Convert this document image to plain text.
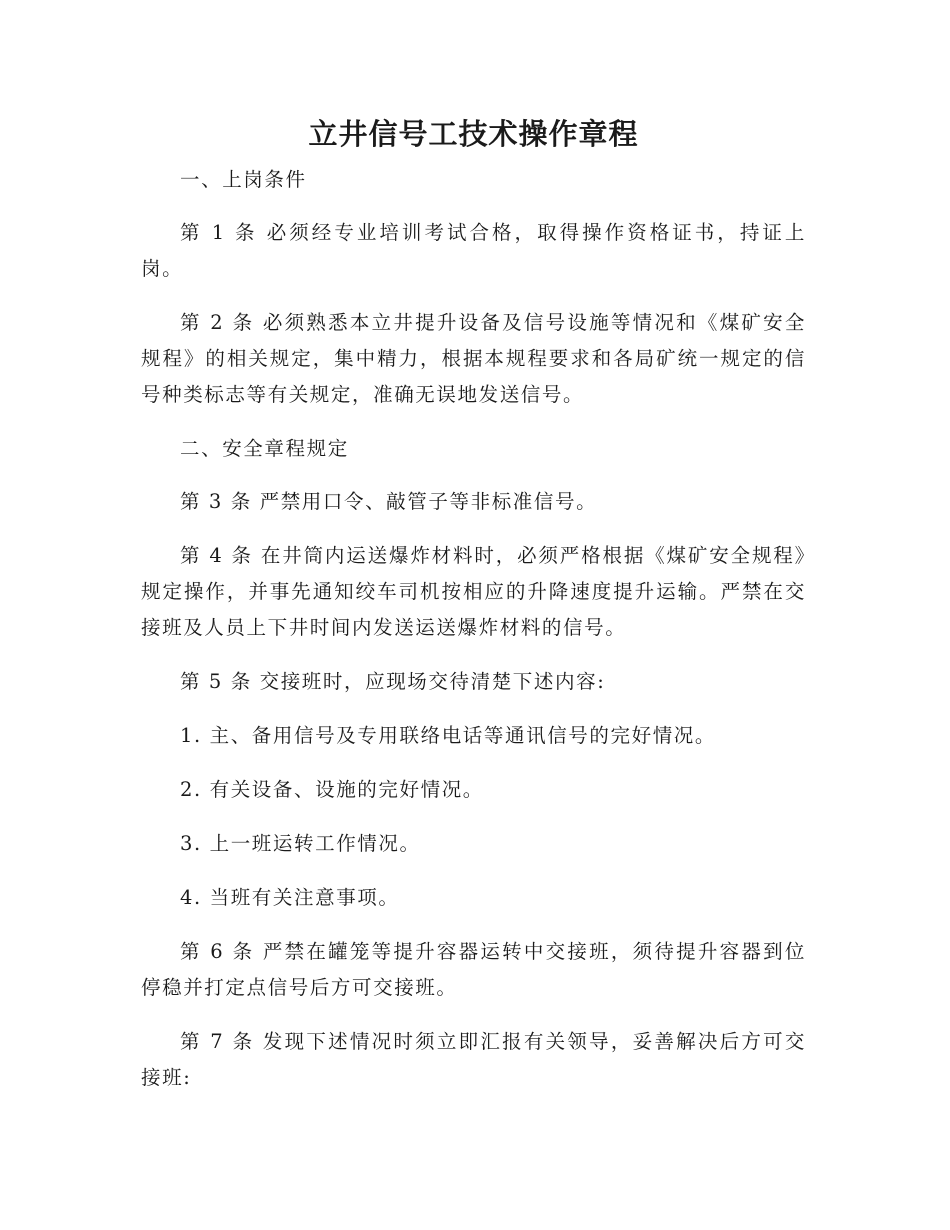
立井信号工技术操作章程

一、上岗条件

第 1 条 必须经专业培训考试合格，取得操作资格证书，持证上岗。

第 2 条 必须熟悉本立井提升设备及信号设施等情况和《煤矿安全规程》的相关规定，集中精力，根据本规程要求和各局矿统一规定的信号种类标志等有关规定，准确无误地发送信号。

二、安全章程规定

第 3 条 严禁用口令、敲管子等非标准信号。

第 4 条 在井筒内运送爆炸材料时，必须严格根据《煤矿安全规程》规定操作，并事先通知绞车司机按相应的升降速度提升运输。严禁在交接班及人员上下井时间内发送运送爆炸材料的信号。

第 5 条 交接班时，应现场交待清楚下述内容:

1. 主、备用信号及专用联络电话等通讯信号的完好情况。

2. 有关设备、设施的完好情况。

3. 上一班运转工作情况。

4. 当班有关注意事项。

第 6 条 严禁在罐笼等提升容器运转中交接班，须待提升容器到位停稳并打定点信号后方可交接班。

第 7 条 发现下述情况时须立即汇报有关领导，妥善解决后方可交接班:
